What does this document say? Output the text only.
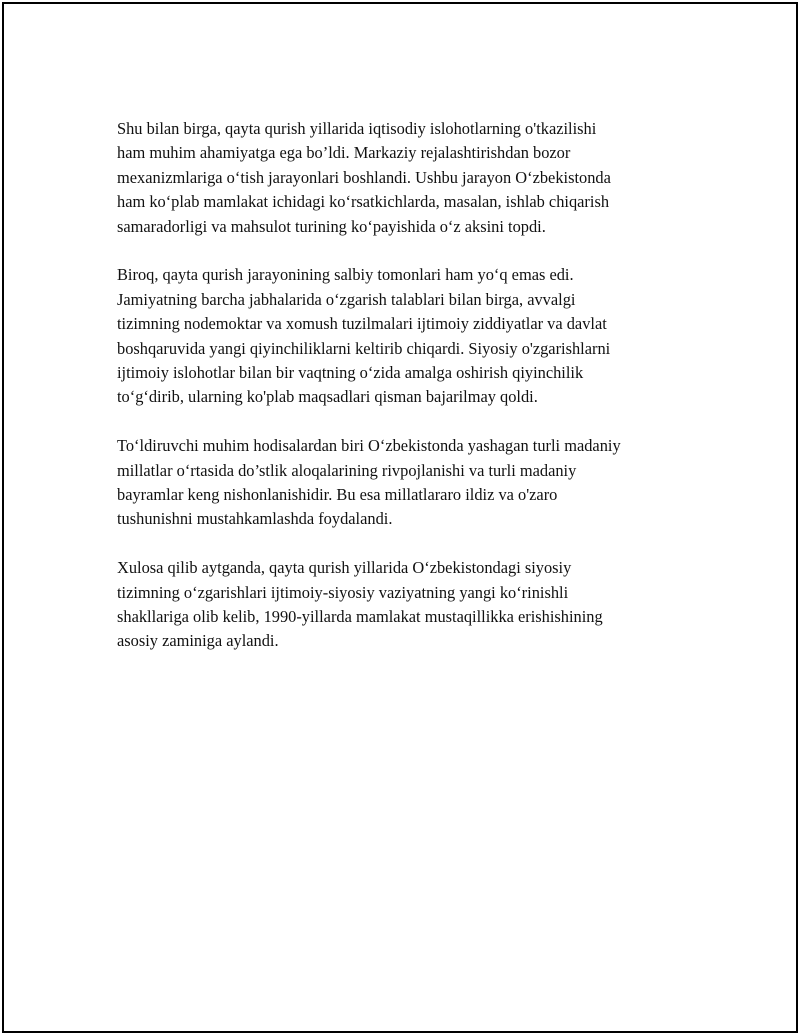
Shu bilan birga, qayta qurish yillarida iqtisodiy islohotlarning o'tkazilishi
ham muhim ahamiyatga ega bo’ldi. Markaziy rejalashtirishdan bozor
mexanizmlariga o‘tish jarayonlari boshlandi. Ushbu jarayon O‘zbekistonda
ham ko‘plab mamlakat ichidagi ko‘rsatkichlarda, masalan, ishlab chiqarish
samaradorligi va mahsulot turining ko‘payishida o‘z aksini topdi.

Biroq, qayta qurish jarayonining salbiy tomonlari ham yo‘q emas edi.
Jamiyatning barcha jabhalarida o‘zgarish talablari bilan birga, avvalgi
tizimning nodemoktar va xomush tuzilmalari ijtimoiy ziddiyatlar va davlat
boshqaruvida yangi qiyinchiliklarni keltirib chiqardi. Siyosiy o'zgarishlarni
ijtimoiy islohotlar bilan bir vaqtning o‘zida amalga oshirish qiyinchilik
to‘g‘dirib, ularning ko'plab maqsadlari qisman bajarilmay qoldi.

To‘ldiruvchi muhim hodisalardan biri O‘zbekistonda yashagan turli madaniy
millatlar o‘rtasida do’stlik aloqalarining rivpojlanishi va turli madaniy
bayramlar keng nishonlanishidir. Bu esa millatlararo ildiz va o'zaro
tushunishni mustahkamlashda foydalandi.

Xulosa qilib aytganda, qayta qurish yillarida O‘zbekistondagi siyosiy
tizimning o‘zgarishlari ijtimoiy-siyosiy vaziyatning yangi ko‘rinishli
shakllariga olib kelib, 1990-yillarda mamlakat mustaqillikka erishishining
asosiy zaminiga aylandi.
